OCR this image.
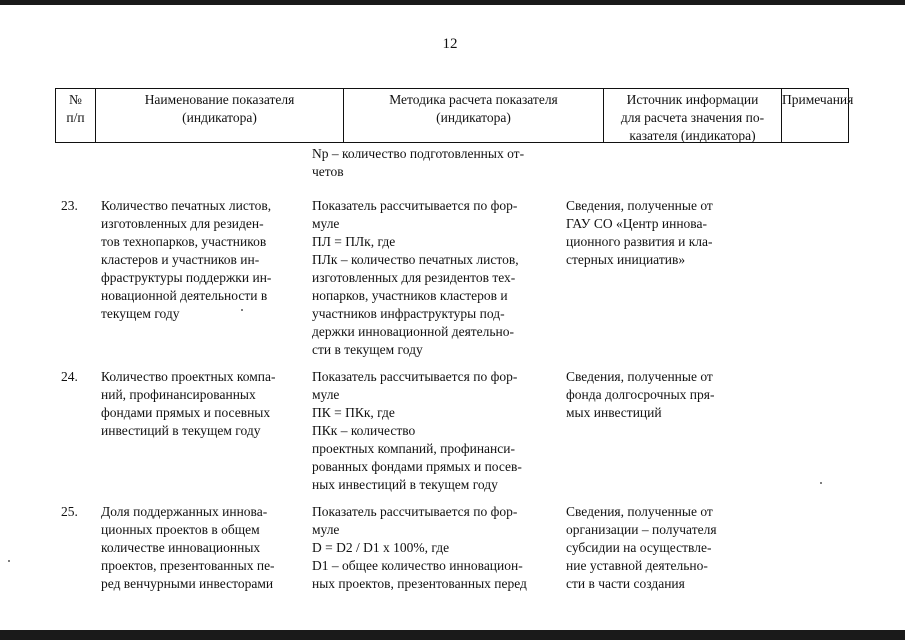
12
№
п/п
Наименование показателя
(индикатора)
Методика расчета показателя
(индикатора)
Источник информации
для расчета значения по-
казателя (индикатора)
Примечания
Nр – количество подготовленных от-
четов
23. Количество печатных листов,
изготовленных для резиден-
тов технопарков, участников
кластеров и участников ин-
фраструктуры поддержки ин-
новационной деятельности в
текущем году
Показатель рассчитывается по фор-
муле
ПЛ = ПЛк, где
ПЛк – количество печатных листов,
изготовленных для резидентов тех-
нопарков, участников кластеров и
участников инфраструктуры под-
держки инновационной деятельно-
сти в текущем году
Сведения, полученные от
ГАУ СО «Центр иннова-
ционного развития и кла-
стерных инициатив»
24. Количество проектных компа-
ний, профинансированных
фондами прямых и посевных
инвестиций в текущем году
Показатель рассчитывается по фор-
муле
ПК = ПКк, где
ПКк – количество
проектных компаний, профинанси-
рованных фондами прямых и посев-
ных инвестиций в текущем году
Сведения, полученные от
фонда долгосрочных пря-
мых инвестиций
25. Доля поддержанных иннова-
ционных проектов в общем
количестве инновационных
проектов, презентованных пе-
ред венчурными инвесторами
Показатель рассчитывается по фор-
муле
D = D2 / D1 x 100%, где
D1 – общее количество инновацион-
ных проектов, презентованных перед
Сведения, полученные от
организации – получателя
субсидии на осуществле-
ние уставной деятельно-
сти в части создания
